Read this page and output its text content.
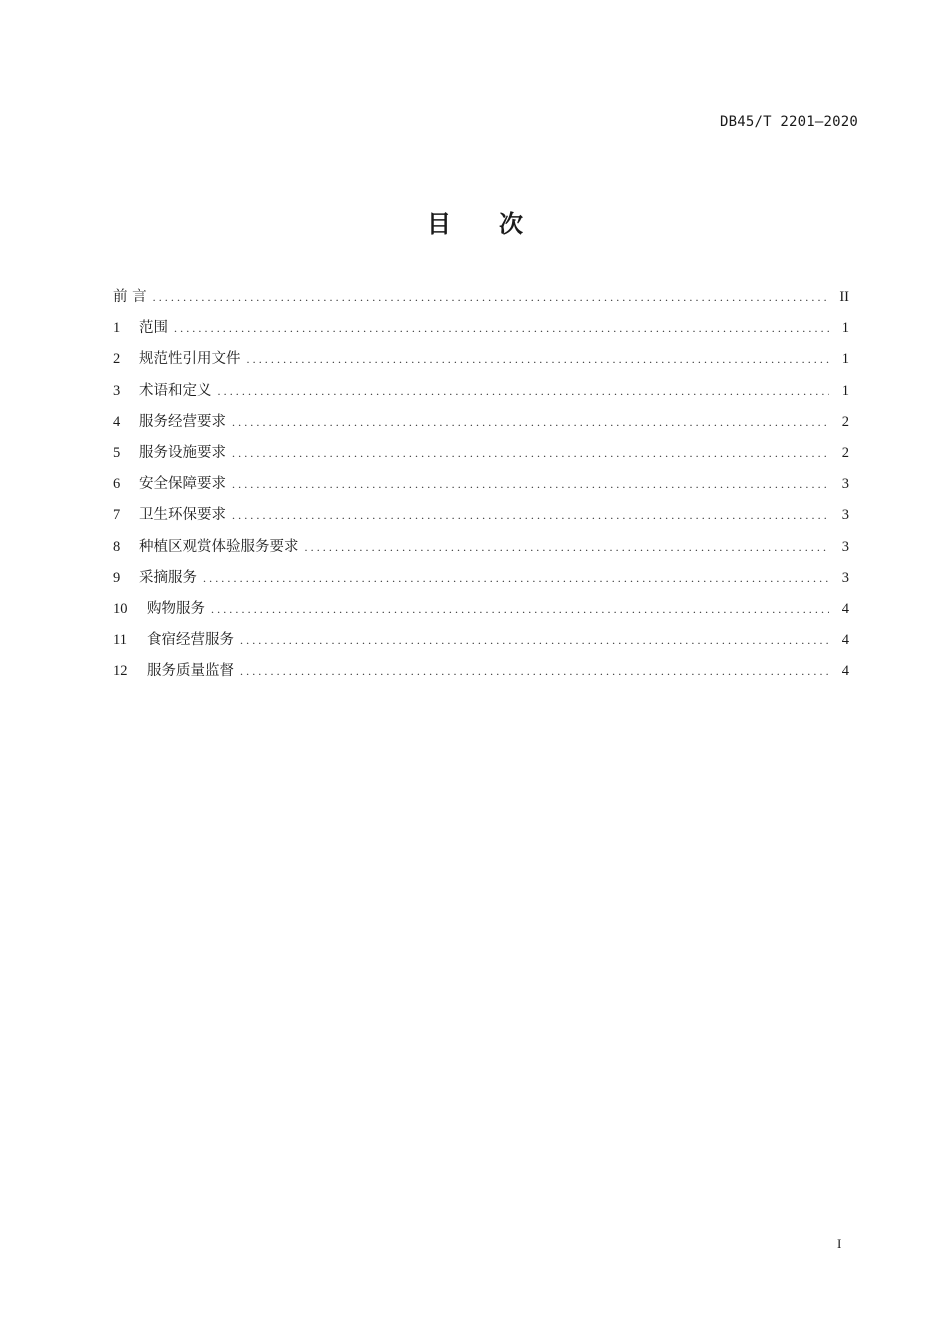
DB45/T 2201—2020
目次
前 言 .....	II
1	范围 .....	1
2	规范性引用文件 .....	1
3	术语和定义 .....	1
4	服务经营要求 .....	2
5	服务设施要求 .....	2
6	安全保障要求 .....	3
7	卫生环保要求 .....	3
8	种植区观赏体验服务要求 .....	3
9	采摘服务 .....	3
10	购物服务 .....	4
11	食宿经营服务 .....	4
12	服务质量监督 .....	4
I
